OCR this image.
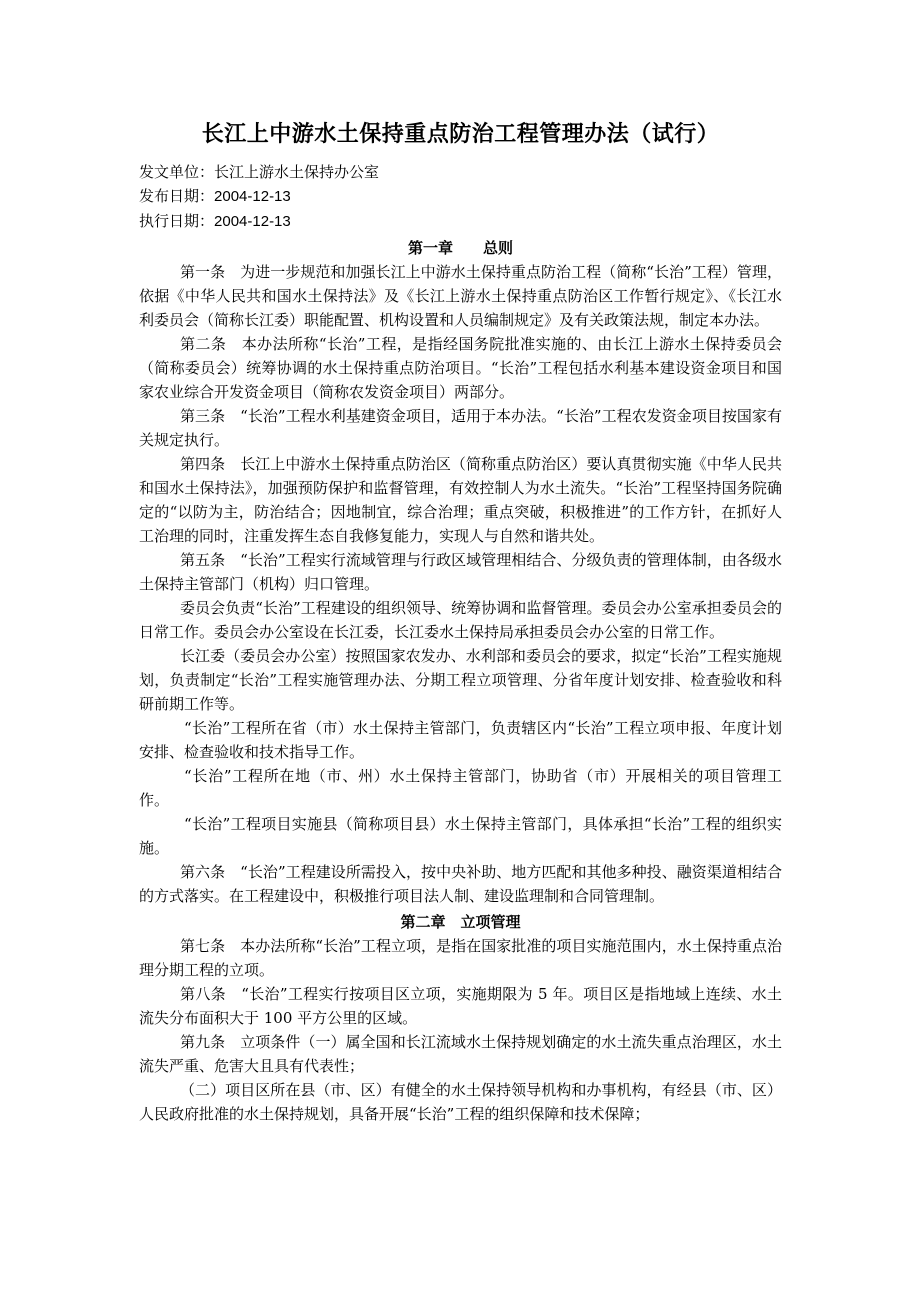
长江上中游水土保持重点防治工程管理办法（试行）

发文单位：长江上游水土保持办公室

发布日期：2004-12-13

执行日期：2004-12-13

第一章　　总则

第一条　为进一步规范和加强长江上中游水土保持重点防治工程（简称“长治”工程）管理，依据《中华人民共和国水土保持法》及《长江上游水土保持重点防治区工作暂行规定》、《长江水利委员会（简称长江委）职能配置、机构设置和人员编制规定》及有关政策法规，制定本办法。

第二条　本办法所称“长治”工程，是指经国务院批准实施的、由长江上游水土保持委员会（简称委员会）统筹协调的水土保持重点防治项目。“长治”工程包括水利基本建设资金项目和国家农业综合开发资金项目（简称农发资金项目）两部分。

第三条　“长治”工程水利基建资金项目，适用于本办法。“长治”工程农发资金项目按国家有关规定执行。

第四条　长江上中游水土保持重点防治区（简称重点防治区）要认真贯彻实施《中华人民共和国水土保持法》，加强预防保护和监督管理，有效控制人为水土流失。“长治”工程坚持国务院确定的“以防为主，防治结合；因地制宜，综合治理；重点突破，积极推进”的工作方针，在抓好人工治理的同时，注重发挥生态自我修复能力，实现人与自然和谐共处。

第五条　“长治”工程实行流域管理与行政区域管理相结合、分级负责的管理体制，由各级水土保持主管部门（机构）归口管理。

委员会负责“长治”工程建设的组织领导、统筹协调和监督管理。委员会办公室承担委员会的日常工作。委员会办公室设在长江委，长江委水土保持局承担委员会办公室的日常工作。

长江委（委员会办公室）按照国家农发办、水利部和委员会的要求，拟定“长治”工程实施规划，负责制定“长治”工程实施管理办法、分期工程立项管理、分省年度计划安排、检查验收和科研前期工作等。

“长治”工程所在省（市）水土保持主管部门，负责辖区内“长治”工程立项申报、年度计划安排、检查验收和技术指导工作。

“长治”工程所在地（市、州）水土保持主管部门，协助省（市）开展相关的项目管理工作。

“长治”工程项目实施县（简称项目县）水土保持主管部门，具体承担“长治”工程的组织实施。

第六条　“长治”工程建设所需投入，按中央补助、地方匹配和其他多种投、融资渠道相结合的方式落实。在工程建设中，积极推行项目法人制、建设监理制和合同管理制。

第二章　立项管理

第七条　本办法所称“长治”工程立项，是指在国家批准的项目实施范围内，水土保持重点治理分期工程的立项。

第八条　“长治”工程实行按项目区立项，实施期限为 5 年。项目区是指地域上连续、水土流失分布面积大于 100 平方公里的区域。

第九条　立项条件（一）属全国和长江流域水土保持规划确定的水土流失重点治理区，水土流失严重、危害大且具有代表性；

（二）项目区所在县（市、区）有健全的水土保持领导机构和办事机构，有经县（市、区）人民政府批准的水土保持规划，具备开展“长治”工程的组织保障和技术保障；
